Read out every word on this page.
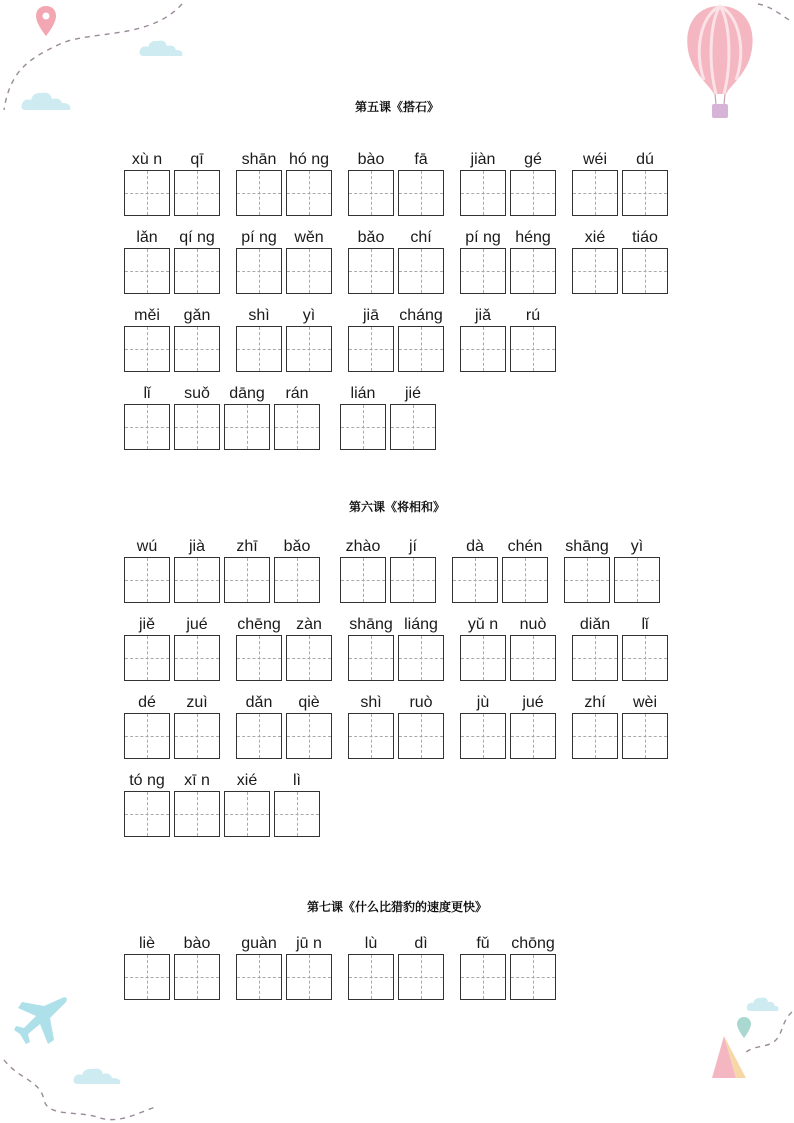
第五课《搭石》
第六课《将相和》
第七课《什么比猎豹的速度更快》
xù n	qī	shān hó ng	bào	fā	jiàn	gé	wéi	dú
lǎn	qí ng	pí ng	wěn	bǎo	chí	pí ng héng	xié	tiáo
měi	gǎn	shì	yì	jiā	cháng	jiǎ	rú
lǐ	suǒ	dāng	rán	lián	jié
wú	jià	zhī	bǎo	zhào	jí	dà	chén	shāng	yì
jiě	jué	chēng zàn	shāng liáng	yǔ n	nuò	diǎn	lǐ
dé	zuì	dǎn	qiè	shì	ruò	jù	jué	zhí	wèi
tó ng	xī n	xié	lì
liè	bào	guàn	jū n	lù	dì	fǔ	chōng
